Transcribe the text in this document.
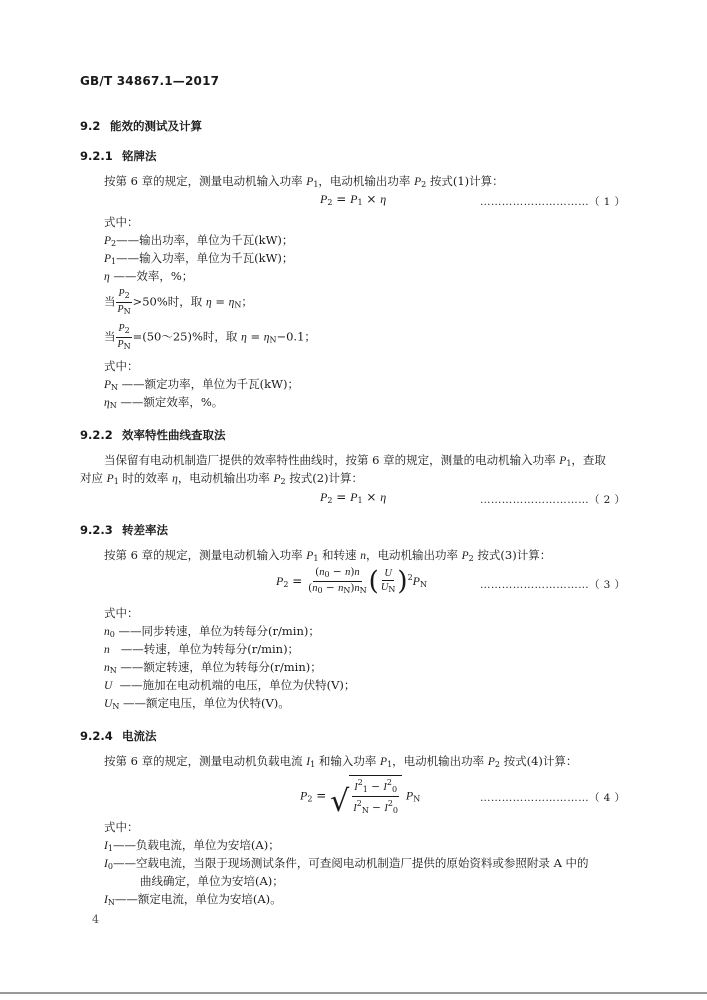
GB/T 34867.1—2017
9.2 能效的测试及计算
9.2.1 铭牌法
按第 6 章的规定，测量电动机输入功率 $P_1$，电动机输出功率 $P_2$ 按式(1)计算：
$P_2 = P_1 \times \eta$	…………………………（ 1 ）
式中：
$P_2——$输出功率，单位为千瓦(kW)；
$P_1——$输入功率，单位为千瓦(kW)；
η ——效率，%；
当 $\frac{P_2}{P_N} >50\%$时，取 $\eta = \eta_N$；
当 $\frac{P_2}{P_N}$ =(50～25)%时，取 $\eta = \eta_N-0.1$；
式中：
$P_N$ ——额定功率，单位为千瓦(kW)；
$\eta_N$ ——额定效率，%。
9.2.2 效率特性曲线查取法
当保留有电动机制造厂提供的效率特性曲线时，按第 6 章的规定，测量的电动机输入功率 $P_1$，查取
对应 $P_1$ 时的效率 η，电动机输出功率 $P_2$ 按式(2)计算：
$P_2 = P_1 \times \eta$	…………………………（ 2 ）
9.2.3 转差率法
按第 6 章的规定，测量电动机输入功率 $P_1$ 和转速 n，电动机输出功率 $P_2$ 按式(3)计算：
$P_2 = \frac{(n_0 - n)n}{(n_0 - n_N)n_N}$ ( $\frac{U}{U_N} )^2P_N$	…………………………（ 3 ）
式中：
$n_0$ ——同步转速，单位为转每分(r/min)；
n   ——转速，单位为转每分(r/min)；
$n_N$ ——额定转速，单位为转每分(r/min)；
U  ——施加在电动机端的电压，单位为伏特(V)；
$U_N$ ——额定电压，单位为伏特(V)。
9.2.4 电流法
按第 6 章的规定，测量电动机负载电流 $I_1$ 和输入功率 $P_1$，电动机输出功率 $P_2$ 按式(4)计算：
$P_2$ = √ $\frac{I^2_1 - I^2_0}{I^2_N - I^2_0} P_N$	…………………………（ 4 ）
式中：
$I_1——$负载电流，单位为安培(A)；
$I_0——$空载电流，当限于现场测试条件，可查阅电动机制造厂提供的原始资料或参照附录 A 中的
曲线确定，单位为安培(A)；
$I_N——$额定电流，单位为安培(A)。
4
